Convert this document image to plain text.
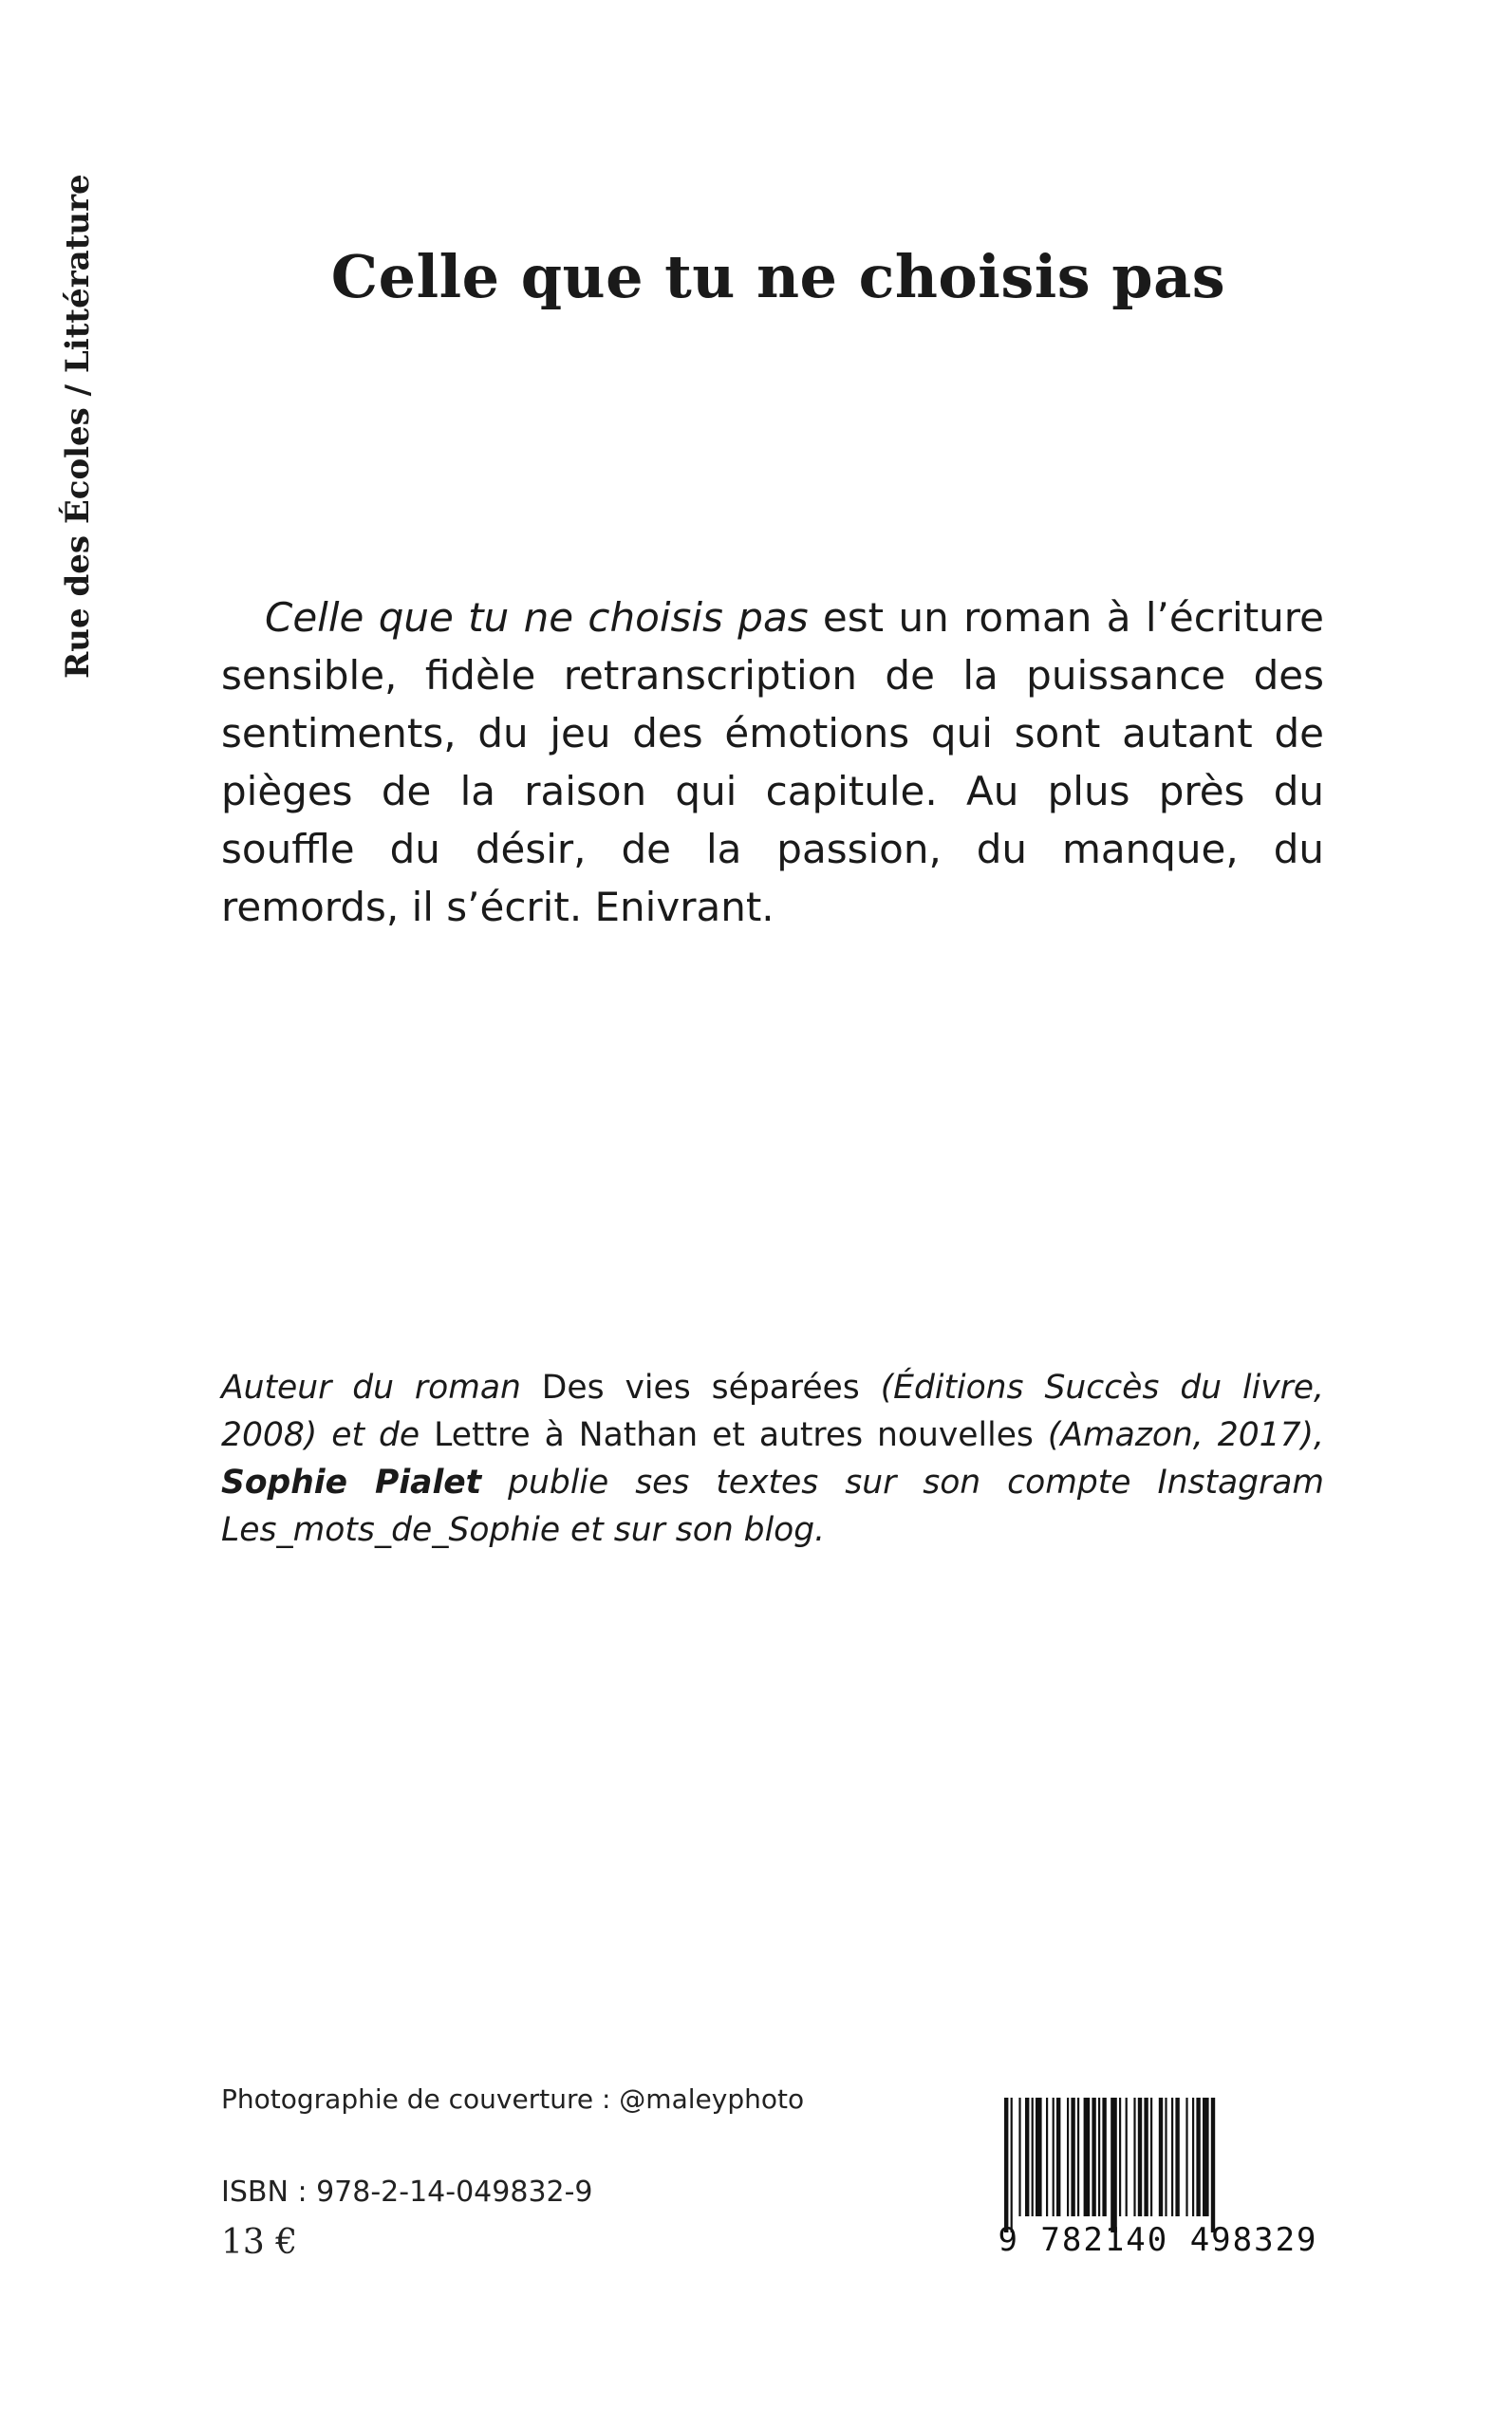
Rue des Écoles / Littérature	Celle que tu ne choisis pas
Celle que tu ne choisis pas est un roman à l’écriture sensible, fidèle retranscription de la puissance des sentiments, du jeu des émotions qui sont autant de pièges de la raison qui capitule. Au plus près du souffle du désir, de la passion, du manque, du remords, il s’écrit. Enivrant.
Auteur du roman Des vies séparées (Éditions Succès du livre, 2008) et de Lettre à Nathan et autres nouvelles (Amazon, 2017), Sophie Pialet publie ses textes sur son compte Instagram Les_mots_de_Sophie et sur son blog.
Photographie de couverture : @maleyphoto
ISBN : 978-2-14-049832-9
13 €	9 782140 498329
